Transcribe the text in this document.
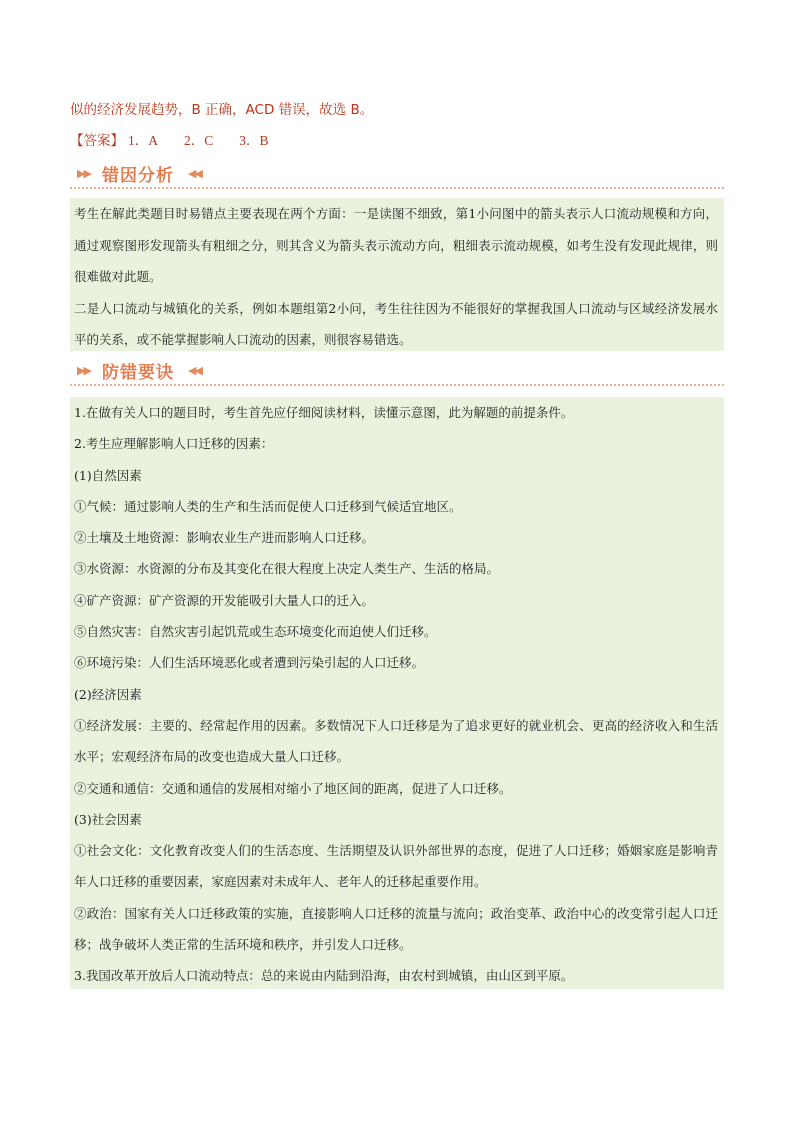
似的经济发展趋势，B 正确，ACD 错误，故选 B。
【答案】 1．A 2．C 3．B
▶▶ 错因分析 ◀◀

考生在解此类题目时易错点主要表现在两个方面：一是读图不细致，第1小问图中的箭头表示人口流动规模和方向，通过观察图形发现箭头有粗细之分，则其含义为箭头表示流动方向，粗细表示流动规模，如考生没有发现此规律，则很难做对此题。

二是人口流动与城镇化的关系，例如本题组第2小问，考生往往因为不能很好的掌握我国人口流动与区域经济发展水平的关系，或不能掌握影响人口流动的因素，则很容易错选。

▶▶ 防错要诀 ◀◀

1.在做有关人口的题目时，考生首先应仔细阅读材料，读懂示意图，此为解题的前提条件。

2.考生应理解影响人口迁移的因素：

(1)自然因素

①气候：通过影响人类的生产和生活而促使人口迁移到气候适宜地区。

②土壤及土地资源：影响农业生产进而影响人口迁移。

③水资源：水资源的分布及其变化在很大程度上决定人类生产、生活的格局。

④矿产资源：矿产资源的开发能吸引大量人口的迁入。

⑤自然灾害：自然灾害引起饥荒或生态环境变化而迫使人们迁移。

⑥环境污染：人们生活环境恶化或者遭到污染引起的人口迁移。

(2)经济因素

①经济发展：主要的、经常起作用的因素。多数情况下人口迁移是为了追求更好的就业机会、更高的经济收入和生活水平；宏观经济布局的改变也造成大量人口迁移。

②交通和通信：交通和通信的发展相对缩小了地区间的距离，促进了人口迁移。

(3)社会因素

①社会文化：文化教育改变人们的生活态度、生活期望及认识外部世界的态度，促进了人口迁移；婚姻家庭是影响青年人口迁移的重要因素，家庭因素对未成年人、老年人的迁移起重要作用。

②政治：国家有关人口迁移政策的实施，直接影响人口迁移的流量与流向；政治变革、政治中心的改变常引起人口迁移；战争破坏人类正常的生活环境和秩序，并引发人口迁移。

3.我国改革开放后人口流动特点：总的来说由内陆到沿海，由农村到城镇，由山区到平原。
